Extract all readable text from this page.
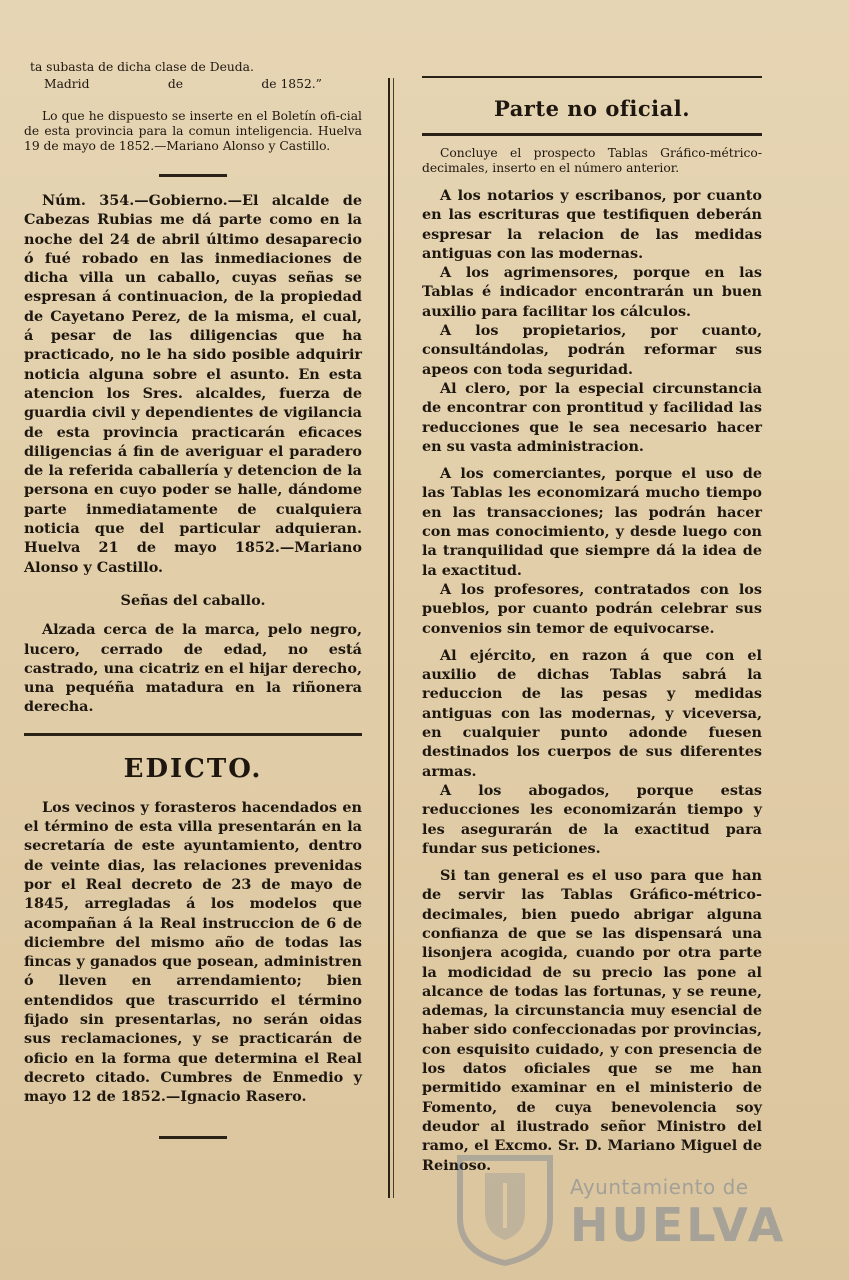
ta subasta de dicha clase de Deuda.

Madrid	de	de 1852.”

Lo que he dispuesto se inserte en el Boletín ofi-cial de esta provincia para la comun inteligencia. Huelva 19 de mayo de 1852.—Mariano Alonso y Castillo.

Núm. 354.—Gobierno.—El alcalde de Cabezas Rubias me dá parte como en la noche del 24 de abril último desaparecio ó fué robado en las inmediaciones de dicha villa un caballo, cuyas señas se espresan á continuacion, de la propiedad de Cayetano Perez, de la misma, el cual, á pesar de las diligencias que ha practicado, no le ha sido posible adquirir noticia alguna sobre el asunto. En esta atencion los Sres. alcaldes, fuerza de guardia civil y dependientes de vigilancia de esta provincia practicarán eficaces diligencias á fin de averiguar el paradero de la referida caballería y detencion de la persona en cuyo poder se halle, dándome parte inmediatamente de cualquiera noticia que del particular adquieran. Huelva 21 de mayo 1852.—Mariano Alonso y Castillo.

Señas del caballo.

Alzada cerca de la marca, pelo negro, lucero, cerrado de edad, no está castrado, una cicatriz en el hijar derecho, una pequéña matadura en la riñonera derecha.

EDICTO.

Los vecinos y forasteros hacendados en el término de esta villa presentarán en la secretaría de este ayuntamiento, dentro de veinte dias, las relaciones prevenidas por el Real decreto de 23 de mayo de 1845, arregladas á los modelos que acompañan á la Real instruccion de 6 de diciembre del mismo año de todas las fincas y ganados que posean, administren ó lleven en arrendamiento; bien entendidos que trascurrido el término fijado sin presentarlas, no serán oidas sus reclamaciones, y se practicarán de oficio en la forma que determina el Real decreto citado. Cumbres de Enmedio y mayo 12 de 1852.—Ignacio Rasero.

Parte no oficial.

Concluye el prospecto Tablas Gráfico-métrico-decimales, inserto en el número anterior.

A los notarios y escribanos, por cuanto en las escrituras que testifiquen deberán espresar la relacion de las medidas antiguas con las modernas.

A los agrimensores, porque en las Tablas é indicador encontrarán un buen auxilio para facilitar los cálculos.

A los propietarios, por cuanto, consultándolas, podrán reformar sus apeos con toda seguridad.

Al clero, por la especial circunstancia de encontrar con prontitud y facilidad las reducciones que le sea necesario hacer en su vasta administracion.

A los comerciantes, porque el uso de las Tablas les economizará mucho tiempo en las transacciones; las podrán hacer con mas conocimiento, y desde luego con la tranquilidad que siempre dá la idea de la exactitud.

A los profesores, contratados con los pueblos, por cuanto podrán celebrar sus convenios sin temor de equivocarse.

Al ejército, en razon á que con el auxilio de dichas Tablas sabrá la reduccion de las pesas y medidas antiguas con las modernas, y viceversa, en cualquier punto adonde fuesen destinados los cuerpos de sus diferentes armas.

A los abogados, porque estas reducciones les economizarán tiempo y les asegurarán de la exactitud para fundar sus peticiones.

Si tan general es el uso para que han de servir las Tablas Gráfico-métrico-decimales, bien puedo abrigar alguna confianza de que se las dispensará una lisonjera acogida, cuando por otra parte la modicidad de su precio las pone al alcance de todas las fortunas, y se reune, ademas, la circunstancia muy esencial de haber sido confeccionadas por provincias, con esquisito cuidado, y con presencia de los datos oficiales que se me han permitido examinar en el ministerio de Fomento, de cuya benevolencia soy deudor al ilustrado señor Ministro del ramo, el Excmo. Sr. D. Mariano Miguel de Reinoso.

Ayuntamiento de
HUELVA
